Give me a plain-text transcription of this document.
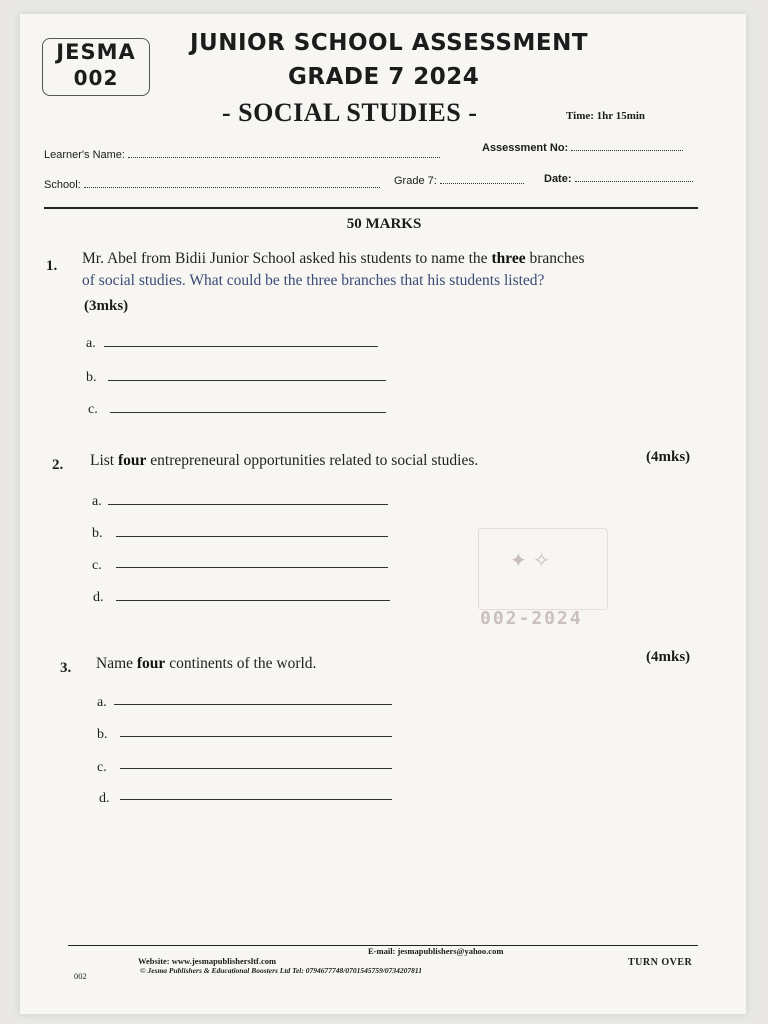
JESMA
002
JUNIOR SCHOOL ASSESSMENT
GRADE 7 2024
- SOCIAL STUDIES -	Time: 1hr 15min
Learner's Name:
Assessment No:
School:	Grade 7:	Date:
50 MARKS
1. Mr. Abel from Bidii Junior School asked his students to name the three branches
of social studies. What could be the three branches that his students listed?
(3mks)
a.
b.
c.
2. List four entrepreneural opportunities related to social studies.	(4mks)
a.
b.
c.
d.
✦ ✧
002-2024
3. Name four continents of the world.	(4mks)
a.
b.
c.
d.
Website: www.jesmapublishersltf.com
E-mail: jesmapublishers@yahoo.com
002
© Jesma Publishers & Educational Boosters Ltd Tel: 0794677748/0701545759/0734207811
TURN OVER
